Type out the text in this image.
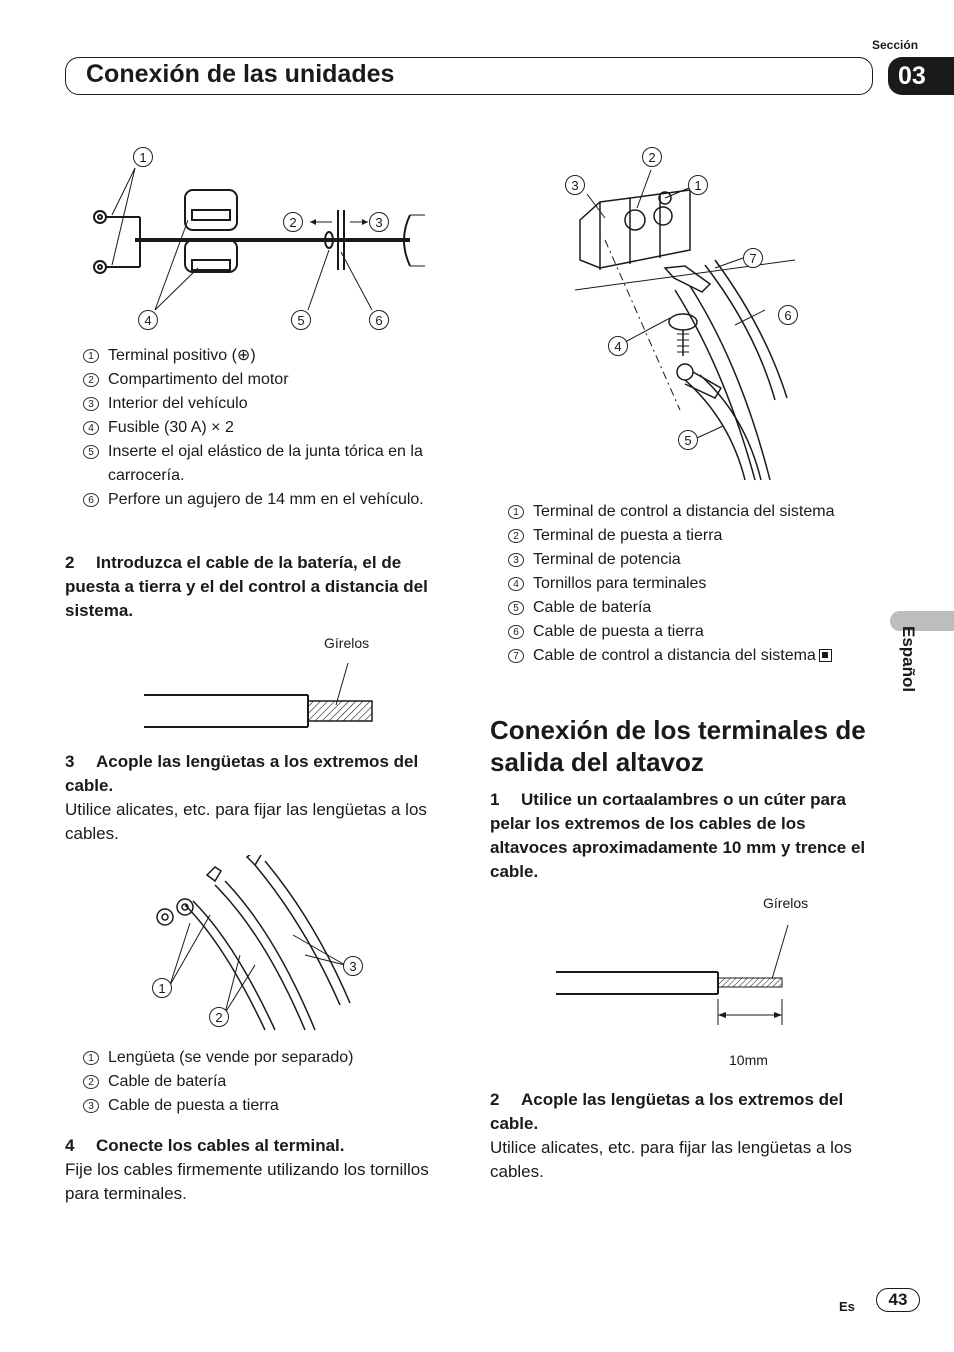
Sección
Conexión de las unidades	03
Español
1
2	3
4	5	6
1 Terminal positivo (⊕)
2 Compartimento del motor
3 Interior del vehículo
4 Fusible (30 A) × 2
5 Inserte el ojal elástico de la junta tórica en la carrocería.
6 Perfore un agujero de 14 mm en el vehículo.
2 Introduzca el cable de la batería, el de puesta a tierra y el del control a distancia del sistema.
Gírelos
3 Acople las lengüetas a los extremos del cable.
Utilice alicates, etc. para fijar las lengüetas a los cables.
1
2
3
1 Lengüeta (se vende por separado)
2 Cable de batería
3 Cable de puesta a tierra
4 Conecte los cables al terminal.
Fije los cables firmemente utilizando los tornillos para terminales.
2
3	1
7
6
4
5
1 Terminal de control a distancia del sistema
2 Terminal de puesta a tierra
3 Terminal de potencia
4 Tornillos para terminales
5 Cable de batería
6 Cable de puesta a tierra
7 Cable de control a distancia del sistema
Conexión de los terminales de salida del altavoz
1 Utilice un cortaalambres o un cúter para pelar los extremos de los cables de los altavoces aproximadamente 10 mm y trence el cable.
Gírelos
10mm
2 Acople las lengüetas a los extremos del cable.
Utilice alicates, etc. para fijar las lengüetas a los cables.
Es	43
